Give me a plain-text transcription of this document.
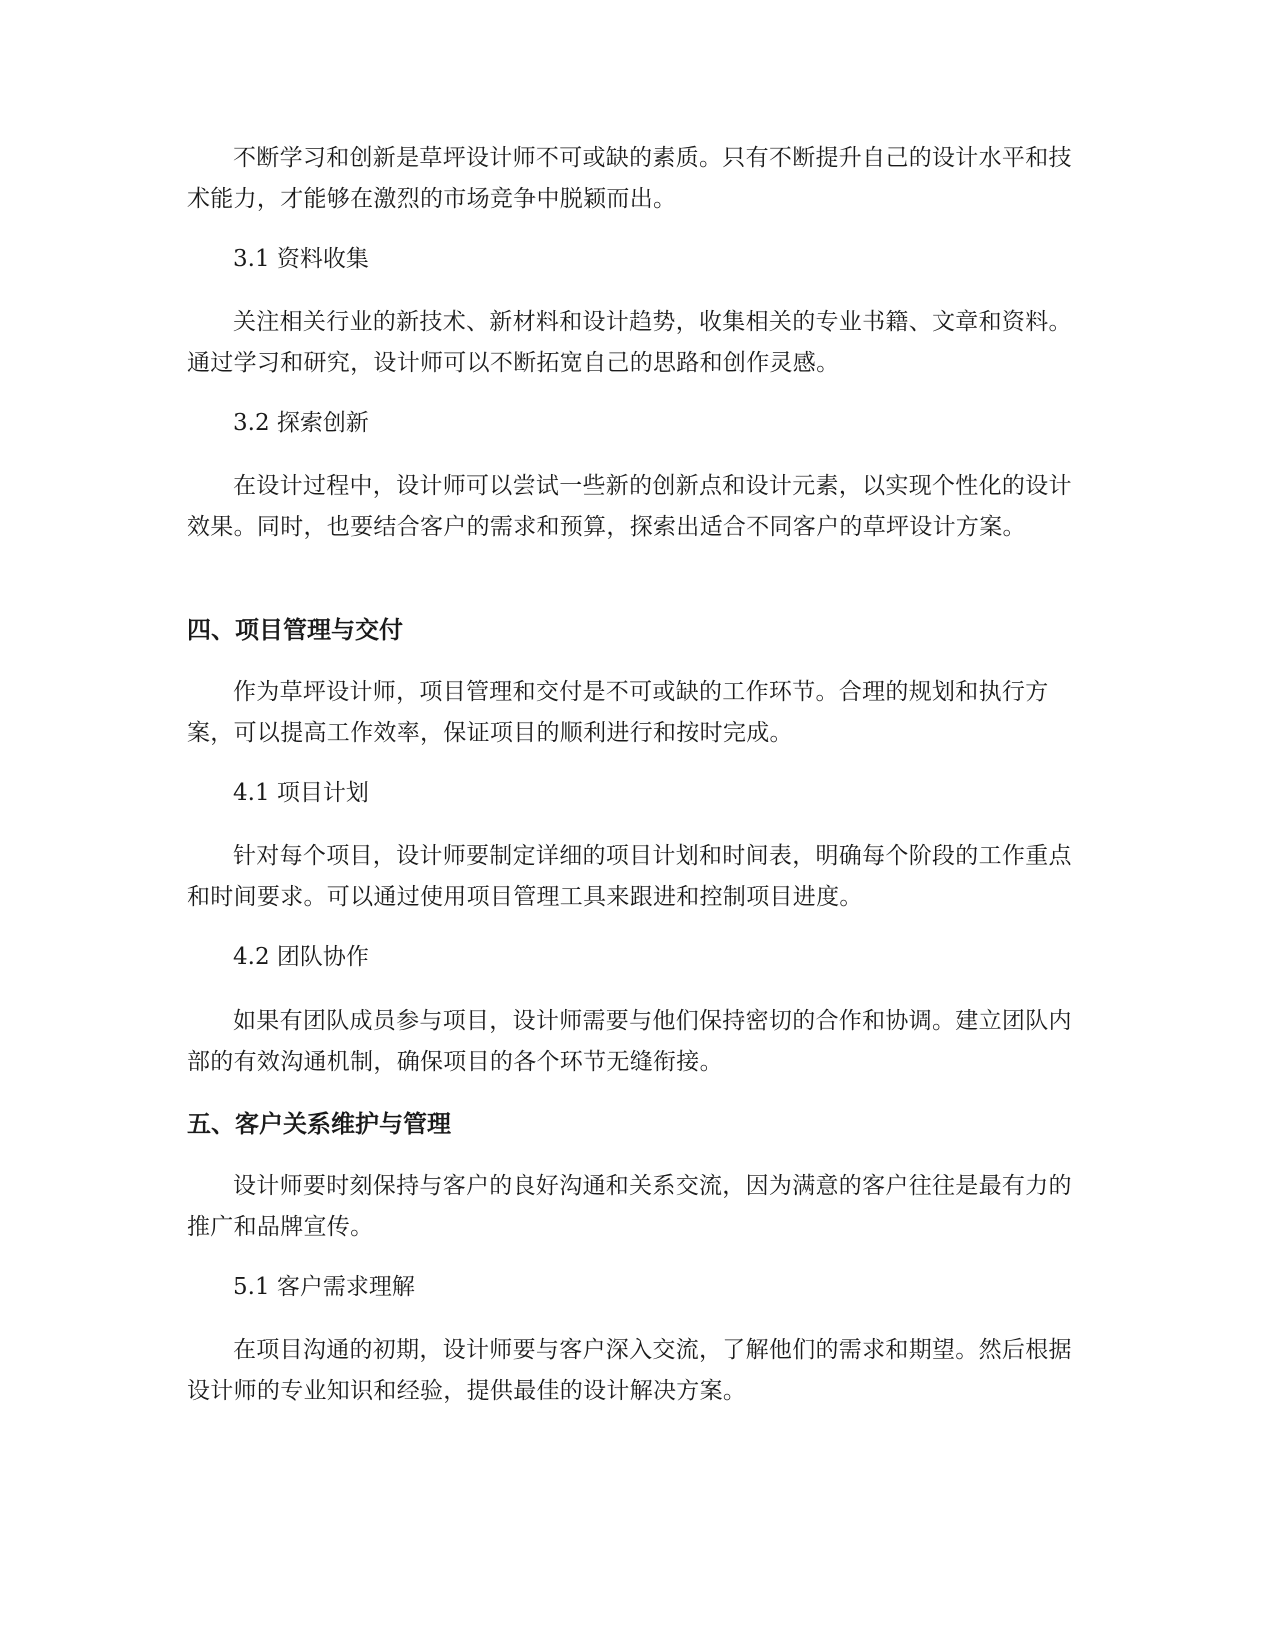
不断学习和创新是草坪设计师不可或缺的素质。只有不断提升自己的设计水平和技术能力，才能够在激烈的市场竞争中脱颖而出。

3.1 资料收集

关注相关行业的新技术、新材料和设计趋势，收集相关的专业书籍、文章和资料。通过学习和研究，设计师可以不断拓宽自己的思路和创作灵感。

3.2 探索创新

在设计过程中，设计师可以尝试一些新的创新点和设计元素，以实现个性化的设计效果。同时，也要结合客户的需求和预算，探索出适合不同客户的草坪设计方案。

四、项目管理与交付

作为草坪设计师，项目管理和交付是不可或缺的工作环节。合理的规划和执行方案，可以提高工作效率，保证项目的顺利进行和按时完成。

4.1 项目计划

针对每个项目，设计师要制定详细的项目计划和时间表，明确每个阶段的工作重点和时间要求。可以通过使用项目管理工具来跟进和控制项目进度。

4.2 团队协作

如果有团队成员参与项目，设计师需要与他们保持密切的合作和协调。建立团队内部的有效沟通机制，确保项目的各个环节无缝衔接。

五、客户关系维护与管理

设计师要时刻保持与客户的良好沟通和关系交流，因为满意的客户往往是最有力的推广和品牌宣传。

5.1 客户需求理解

在项目沟通的初期，设计师要与客户深入交流，了解他们的需求和期望。然后根据设计师的专业知识和经验，提供最佳的设计解决方案。
